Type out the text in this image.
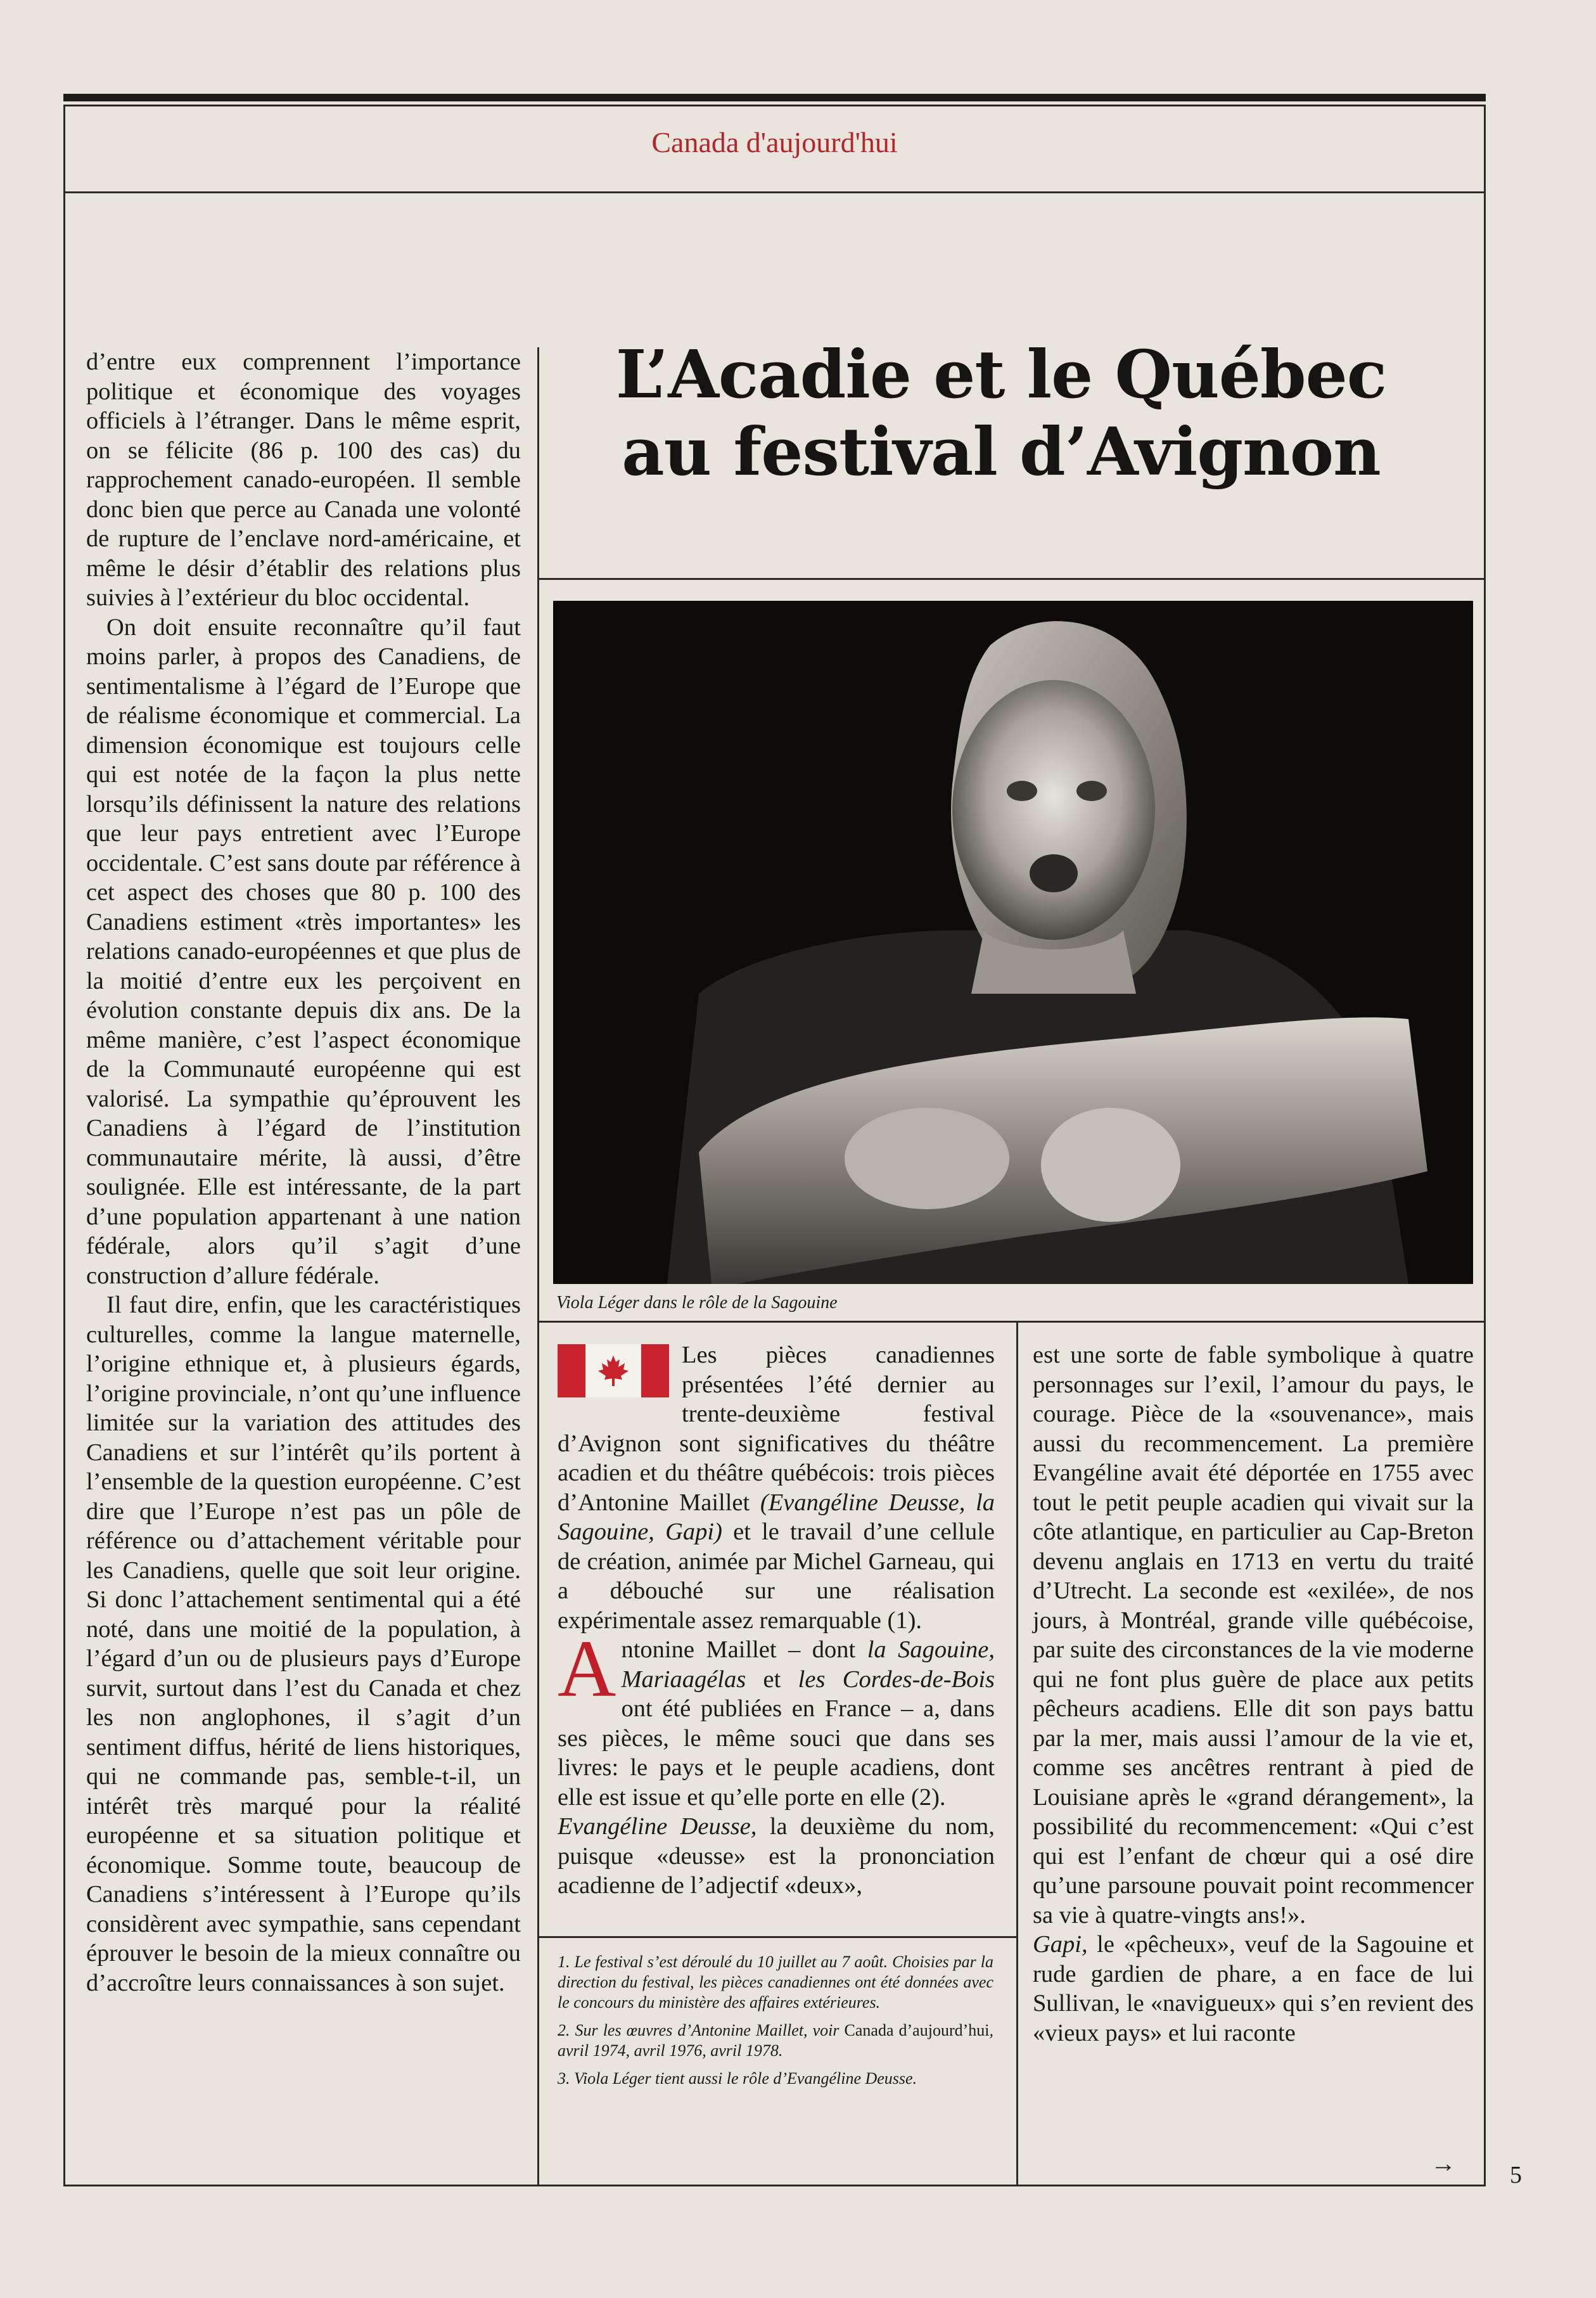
Canada d'aujourd'hui

d’entre eux comprennent l’importance politique et économique des voyages officiels à l’étranger. Dans le même esprit, on se félicite (86 p. 100 des cas) du rapprochement canado-européen. Il semble donc bien que perce au Canada une volonté de rupture de l’enclave nord-américaine, et même le désir d’établir des relations plus suivies à l’extérieur du bloc occidental.

On doit ensuite reconnaître qu’il faut moins parler, à propos des Canadiens, de sentimentalisme à l’égard de l’Europe que de réalisme économique et commercial. La dimension économique est toujours celle qui est notée de la façon la plus nette lorsqu’ils définissent la nature des relations que leur pays entretient avec l’Europe occidentale. C’est sans doute par référence à cet aspect des choses que 80 p. 100 des Canadiens estiment «très importantes» les relations canado-européennes et que plus de la moitié d’entre eux les perçoivent en évolution constante depuis dix ans. De la même manière, c’est l’aspect économique de la Communauté européenne qui est valorisé. La sympathie qu’éprouvent les Canadiens à l’égard de l’institution communautaire mérite, là aussi, d’être soulignée. Elle est intéressante, de la part d’une population appartenant à une nation fédérale, alors qu’il s’agit d’une construction d’allure fédérale.

Il faut dire, enfin, que les caractéristiques culturelles, comme la langue maternelle, l’origine ethnique et, à plusieurs égards, l’origine provinciale, n’ont qu’une influence limitée sur la variation des attitudes des Canadiens et sur l’intérêt qu’ils portent à l’ensemble de la question européenne. C’est dire que l’Europe n’est pas un pôle de référence ou d’attachement véritable pour les Canadiens, quelle que soit leur origine. Si donc l’attachement sentimental qui a été noté, dans une moitié de la population, à l’égard d’un ou de plusieurs pays d’Europe survit, surtout dans l’est du Canada et chez les non anglophones, il s’agit d’un sentiment diffus, hérité de liens historiques, qui ne commande pas, semble-t-il, un intérêt très marqué pour la réalité européenne et sa situation politique et économique. Somme toute, beaucoup de Canadiens s’intéressent à l’Europe qu’ils considèrent avec sympathie, sans cependant éprouver le besoin de la mieux connaître ou d’accroître leurs connaissances à son sujet.

L’Acadie et le Québec
au festival d’Avignon
Viola Léger dans le rôle de la Sagouine

Les pièces canadiennes présentées l’été dernier au trente-deuxième festival d’Avignon sont significatives du théâtre acadien et du théâtre québécois: trois pièces d’Antonine Maillet (Evangéline Deusse, la Sagouine, Gapi) et le travail d’une cellule de création, animée par Michel Garneau, qui a débouché sur une réalisation expérimentale assez remarquable (1).

Antonine Maillet – dont la Sagouine, Mariaagélas et les Cordes-de-Bois ont été publiées en France – a, dans ses pièces, le même souci que dans ses livres: le pays et le peuple acadiens, dont elle est issue et qu’elle porte en elle (2).

Evangéline Deusse, la deuxième du nom, puisque «deusse» est la prononciation acadienne de l’adjectif «deux»,

1. Le festival s’est déroulé du 10 juillet au 7 août. Choisies par la direction du festival, les pièces canadiennes ont été données avec le concours du ministère des affaires extérieures.

2. Sur les œuvres d’Antonine Maillet, voir Canada d’aujourd’hui, avril 1974, avril 1976, avril 1978.

3. Viola Léger tient aussi le rôle d’Evangéline Deusse.

est une sorte de fable symbolique à quatre personnages sur l’exil, l’amour du pays, le courage. Pièce de la «souvenance», mais aussi du recommencement. La première Evangéline avait été déportée en 1755 avec tout le petit peuple acadien qui vivait sur la côte atlantique, en particulier au Cap-Breton devenu anglais en 1713 en vertu du traité d’Utrecht. La seconde est «exilée», de nos jours, à Montréal, grande ville québécoise, par suite des circonstances de la vie moderne qui ne font plus guère de place aux petits pêcheurs acadiens. Elle dit son pays battu par la mer, mais aussi l’amour de la vie et, comme ses ancêtres rentrant à pied de Louisiane après le «grand dérangement», la possibilité du recommencement: «Qui c’est qui est l’enfant de chœur qui a osé dire qu’une parsoune pouvait point recommencer sa vie à quatre-vingts ans!».

Gapi, le «pêcheux», veuf de la Sagouine et rude gardien de phare, a en face de lui Sullivan, le «navigueux» qui s’en revient des «vieux pays» et lui raconte

→ 5
